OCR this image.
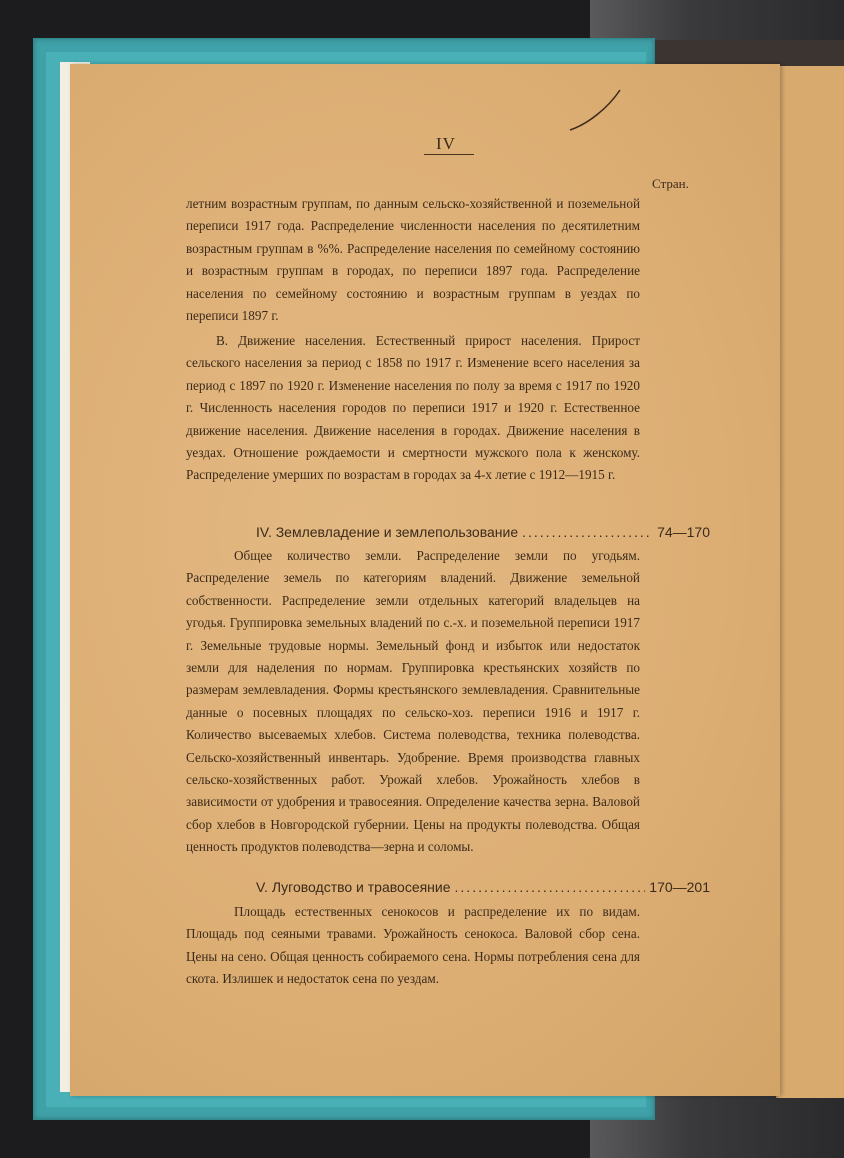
IV
Стран.
летним возрастным группам, по данным сельско-хозяйственной и поземельной переписи 1917 года. Распределение численности населения по десятилетним возрастным группам в %%. Распределение населения по семейному состоянию и возрастным группам в городах, по переписи 1897 года. Распределение населения по семейному состоянию и возрастным группам в уездах по переписи 1897 г.
В. Движение населения. Естественный прирост населения. Прирост сельского населения за период с 1858 по 1917 г. Изменение всего населения за период с 1897 по 1920 г. Изменение населения по полу за время с 1917 по 1920 г. Численность населения городов по переписи 1917 и 1920 г. Естественное движение населения. Движение населения в городах. Движение населения в уездах. Отношение рождаемости и смертности мужского пола к женскому. Распределение умерших по возрастам в городах за 4-х летие с 1912—1915 г.
IV. Землевладение и землепользование .....	74—170
Общее количество земли. Распределение земли по угодьям. Распределение земель по категориям владений. Движение земельной собственности. Распределение земли отдельных категорий владельцев на угодья. Группировка земельных владений по с.-х. и поземельной переписи 1917 г. Земельные трудовые нормы. Земельный фонд и избыток или недостаток земли для наделения по нормам. Группировка крестьянских хозяйств по размерам землевладения. Формы крестьянского землевладения. Сравнительные данные о посевных площадях по сельско-хоз. переписи 1916 и 1917 г. Количество высеваемых хлебов. Система полеводства, техника полеводства. Сельско-хозяйственный инвентарь. Удобрение. Время производства главных сельско-хозяйственных работ. Урожай хлебов. Урожайность хлебов в зависимости от удобрения и травосеяния. Определение качества зерна. Валовой сбор хлебов в Новгородской губернии. Цены на продукты полеводства. Общая ценность продуктов полеводства—зерна и соломы.
V. Луговодство и травосеяние .....	170—201
Площадь естественных сенокосов и распределение их по видам. Площадь под сеяными травами. Урожайность сенокоса. Валовой сбор сена. Цены на сено. Общая ценность собираемого сена. Нормы потребления сена для скота. Излишек и недостаток сена по уездам.
